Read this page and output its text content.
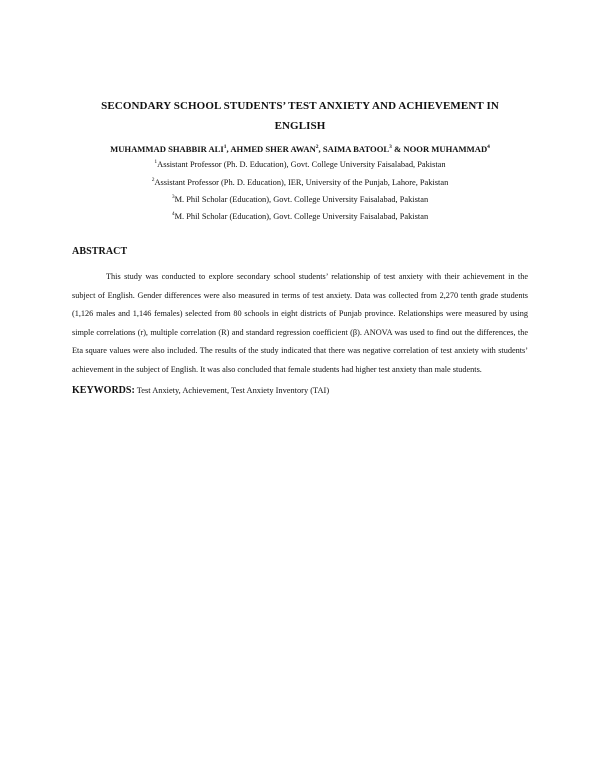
SECONDARY SCHOOL STUDENTS’ TEST ANXIETY AND ACHIEVEMENT IN
ENGLISH
MUHAMMAD SHABBIR ALI$^1$, AHMED SHER AWAN$^2$, SAIMA BATOOL$^3$ & NOOR MUHAMMAD$^4$
$^1$Assistant Professor (Ph. D. Education), Govt. College University Faisalabad, Pakistan
$^2$Assistant Professor (Ph. D. Education), IER, University of the Punjab, Lahore, Pakistan
$^3$M. Phil Scholar (Education), Govt. College University Faisalabad, Pakistan
$^4$M. Phil Scholar (Education), Govt. College University Faisalabad, Pakistan
ABSTRACT
This study was conducted to explore secondary school students’ relationship of test anxiety with their achievement in the subject of English. Gender differences were also measured in terms of test anxiety. Data was collected from 2,270 tenth grade students (1,126 males and 1,146 females) selected from 80 schools in eight districts of Punjab province. Relationships were measured by using simple correlations (r), multiple correlation (R) and standard regression coefficient (β). ANOVA was used to find out the differences, the Eta square values were also included. The results of the study indicated that there was negative correlation of test anxiety with students’ achievement in the subject of English. It was also concluded that female students had higher test anxiety than male students.
KEYWORDS: Test Anxiety, Achievement, Test Anxiety Inventory (TAI)
